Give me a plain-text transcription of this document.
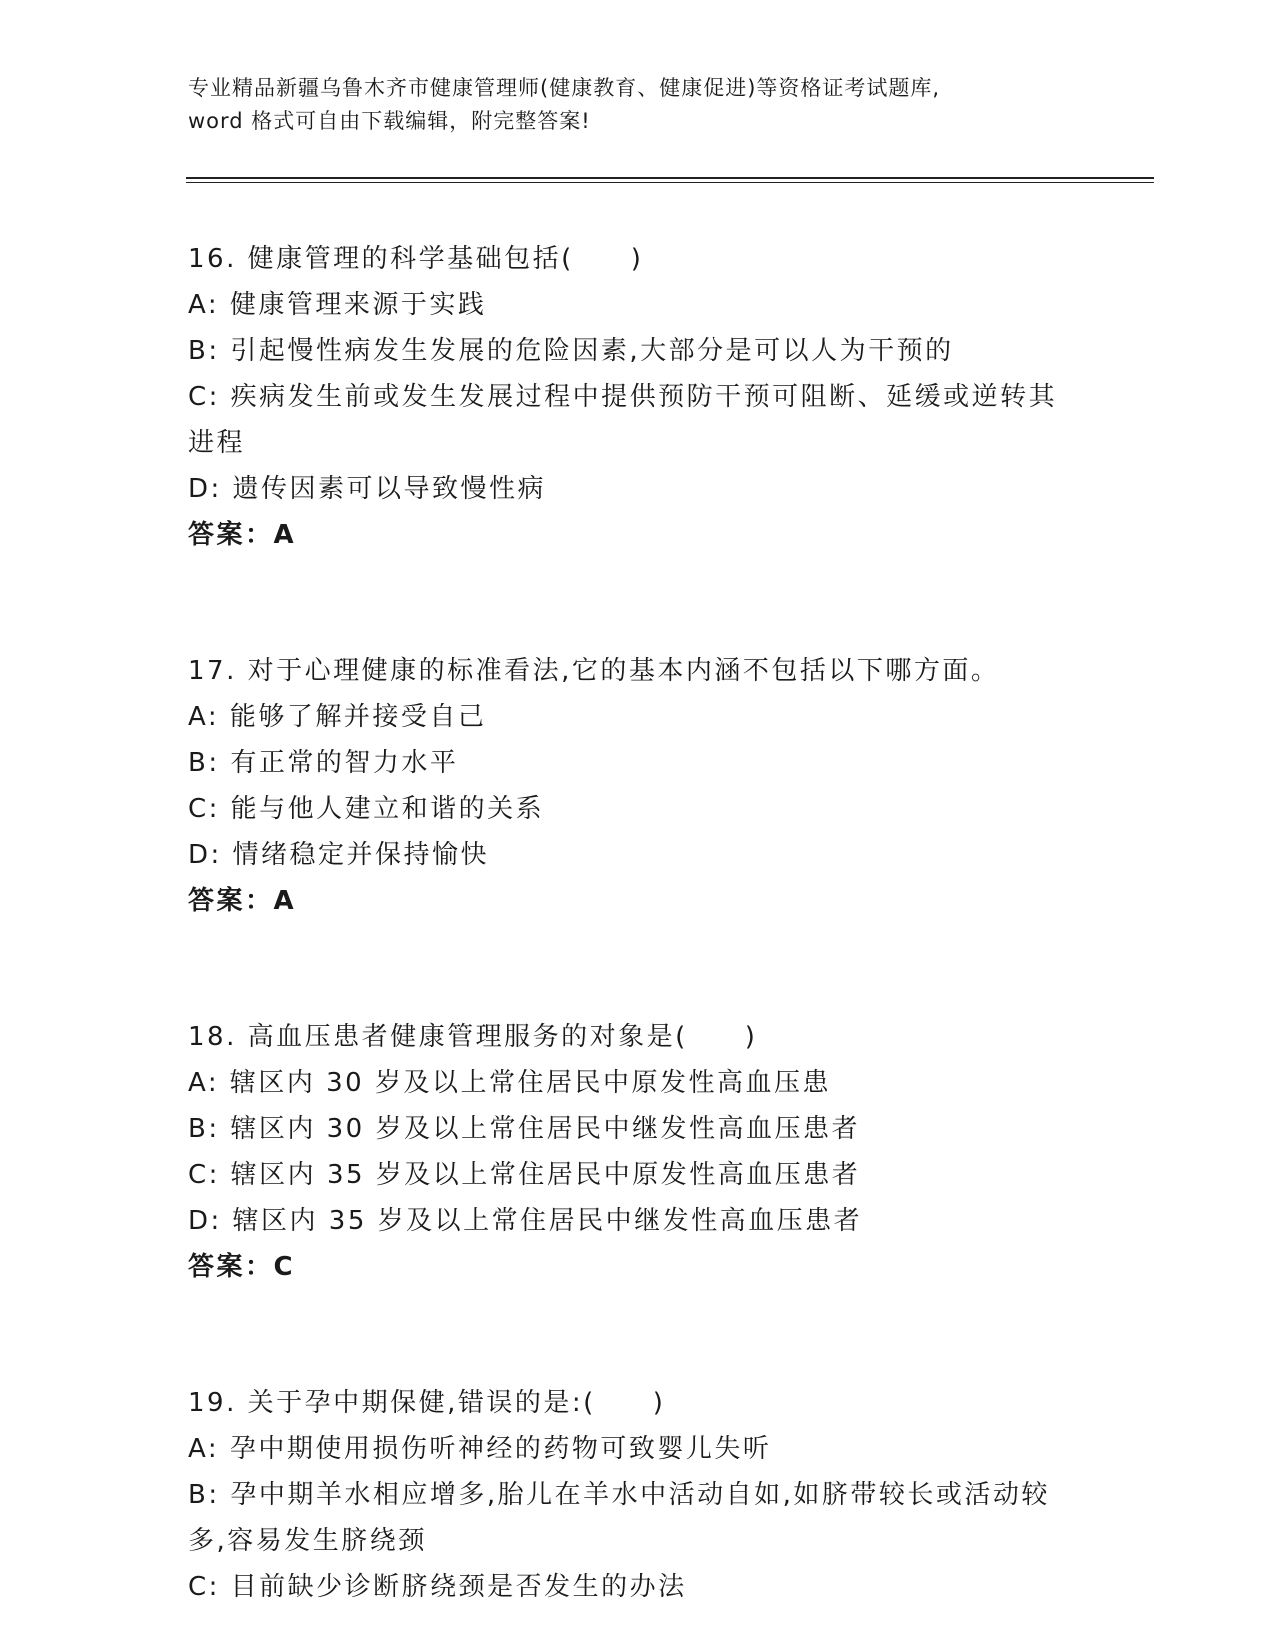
专业精品新疆乌鲁木齐市健康管理师(健康教育、健康促进)等资格证考试题库,
word 格式可自由下载编辑，附完整答案!
16. 健康管理的科学基础包括(　　)
A: 健康管理来源于实践
B: 引起慢性病发生发展的危险因素,大部分是可以人为干预的
C: 疾病发生前或发生发展过程中提供预防干预可阻断、延缓或逆转其
进程
D: 遗传因素可以导致慢性病
答案：A
17. 对于心理健康的标准看法,它的基本内涵不包括以下哪方面。
A: 能够了解并接受自己
B: 有正常的智力水平
C: 能与他人建立和谐的关系
D: 情绪稳定并保持愉快
答案：A
18. 高血压患者健康管理服务的对象是(　　)
A: 辖区内 30 岁及以上常住居民中原发性高血压患
B: 辖区内 30 岁及以上常住居民中继发性高血压患者
C: 辖区内 35 岁及以上常住居民中原发性高血压患者
D: 辖区内 35 岁及以上常住居民中继发性高血压患者
答案：C
19. 关于孕中期保健,错误的是:(　　)
A: 孕中期使用损伤听神经的药物可致婴儿失听
B: 孕中期羊水相应增多,胎儿在羊水中活动自如,如脐带较长或活动较
多,容易发生脐绕颈
C: 目前缺少诊断脐绕颈是否发生的办法
